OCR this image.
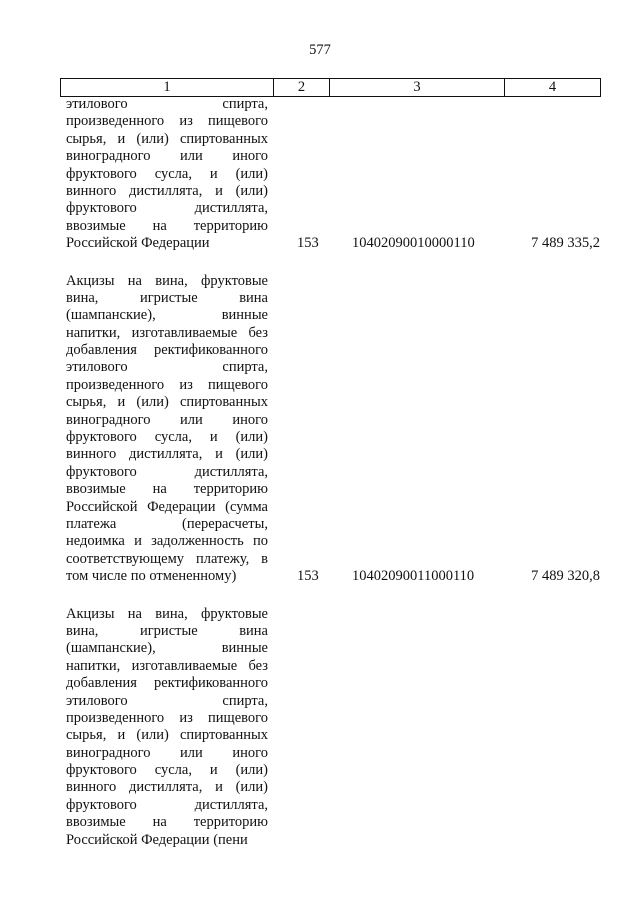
577
1	2	3	4
этилового спирта,
произведенного из пищевого
сырья, и (или) спиртованных
виноградного или иного
фруктового сусла, и (или)
винного дистиллята, и (или)
фруктового дистиллята,
ввозимые на территорию
Российской Федерации	153 10402090010000110	7 489 335,2
Акцизы на вина, фруктовые
вина, игристые вина
(шампанские), винные
напитки, изготавливаемые без
добавления ректификованного
этилового спирта,
произведенного из пищевого
сырья, и (или) спиртованных
виноградного или иного
фруктового сусла, и (или)
винного дистиллята, и (или)
фруктового дистиллята,
ввозимые на территорию
Российской Федерации (сумма
платежа (перерасчеты,
недоимка и задолженность по
соответствующему платежу, в
том числе по отмененному)	153 10402090011000110	7 489 320,8
Акцизы на вина, фруктовые
вина, игристые вина
(шампанские), винные
напитки, изготавливаемые без
добавления ректификованного
этилового спирта,
произведенного из пищевого
сырья, и (или) спиртованных
виноградного или иного
фруктового сусла, и (или)
винного дистиллята, и (или)
фруктового дистиллята,
ввозимые на территорию
Российской Федерации (пени
